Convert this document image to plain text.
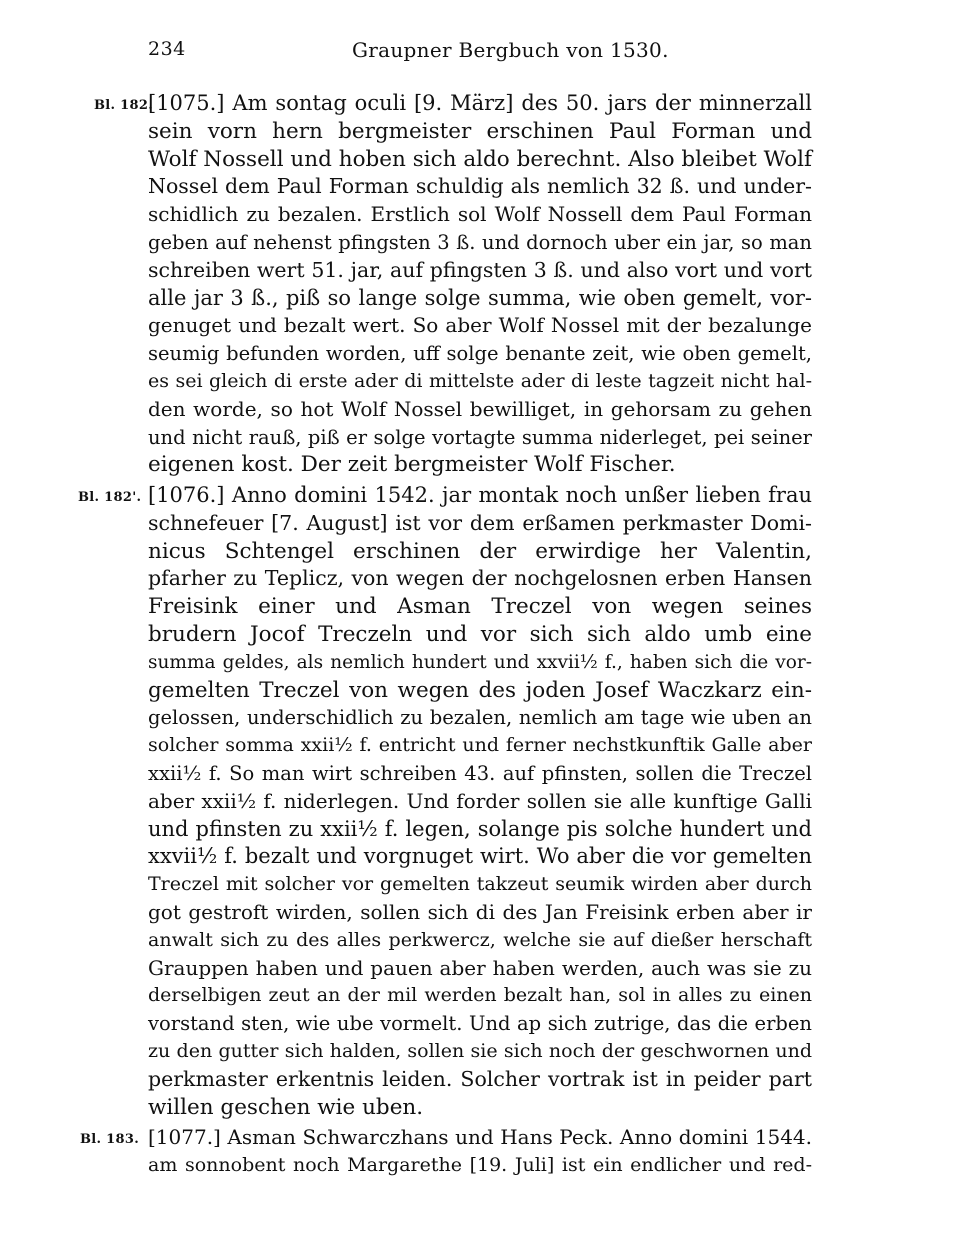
234	Graupner Bergbuch von 1530.
Bl. 182.
Bl. 182'.
Bl. 183.
[1075.] Am sontag oculi [9. März] des 50. jars der minnerzall
sein vorn hern bergmeister erschinen Paul Forman und
Wolf Nossell und hoben sich aldo berechnt. Also bleibet Wolf
Nossel dem Paul Forman schuldig als nemlich 32 ß. und under-
schidlich zu bezalen. Erstlich sol Wolf Nossell dem Paul Forman
geben auf nehenst pfingsten 3 ß. und dornoch uber ein jar, so man
schreiben wert 51. jar, auf pfingsten 3 ß. und also vort und vort
alle jar 3 ß., piß so lange solge summa, wie oben gemelt, vor-
genuget und bezalt wert. So aber Wolf Nossel mit der bezalunge
seumig befunden worden, uff solge benante zeit, wie oben gemelt,
es sei gleich di erste ader di mittelste ader di leste tagzeit nicht hal-
den worde, so hot Wolf Nossel bewilliget, in gehorsam zu gehen
und nicht rauß, piß er solge vortagte summa niderleget, pei seiner
eigenen kost. Der zeit bergmeister Wolf Fischer.
[1076.] Anno domini 1542. jar montak noch unßer lieben frau
schnefeuer [7. August] ist vor dem erßamen perkmaster Domi-
nicus Schtengel erschinen der erwirdige her Valentin,
pfarher zu Teplicz, von wegen der nochgelosnen erben Hansen
Freisink einer und Asman Treczel von wegen seines
brudern Jocof Treczeln und vor sich sich aldo umb eine
summa geldes, als nemlich hundert und xxvii½ f., haben sich die vor-
gemelten Treczel von wegen des joden Josef Waczkarz ein-
gelossen, underschidlich zu bezalen, nemlich am tage wie uben an
solcher somma xxii½ f. entricht und ferner nechstkunftik Galle aber
xxii½ f. So man wirt schreiben 43. auf pfinsten, sollen die Treczel
aber xxii½ f. niderlegen. Und forder sollen sie alle kunftige Galli
und pfinsten zu xxii½ f. legen, solange pis solche hundert und
xxvii½ f. bezalt und vorgnuget wirt. Wo aber die vor gemelten
Treczel mit solcher vor gemelten takzeut seumik wirden aber durch
got gestroft wirden, sollen sich di des Jan Freisink erben aber ir
anwalt sich zu des alles perkwercz, welche sie auf dießer herschaft
Grauppen haben und pauen aber haben werden, auch was sie zu
derselbigen zeut an der mil werden bezalt han, sol in alles zu einen
vorstand sten, wie ube vormelt. Und ap sich zutrige, das die erben
zu den gutter sich halden, sollen sie sich noch der geschwornen und
perkmaster erkentnis leiden. Solcher vortrak ist in peider part
willen geschen wie uben.
[1077.] Asman Schwarczhans und Hans Peck. Anno domini 1544.
am sonnobent noch Margarethe [19. Juli] ist ein endlicher und red-
